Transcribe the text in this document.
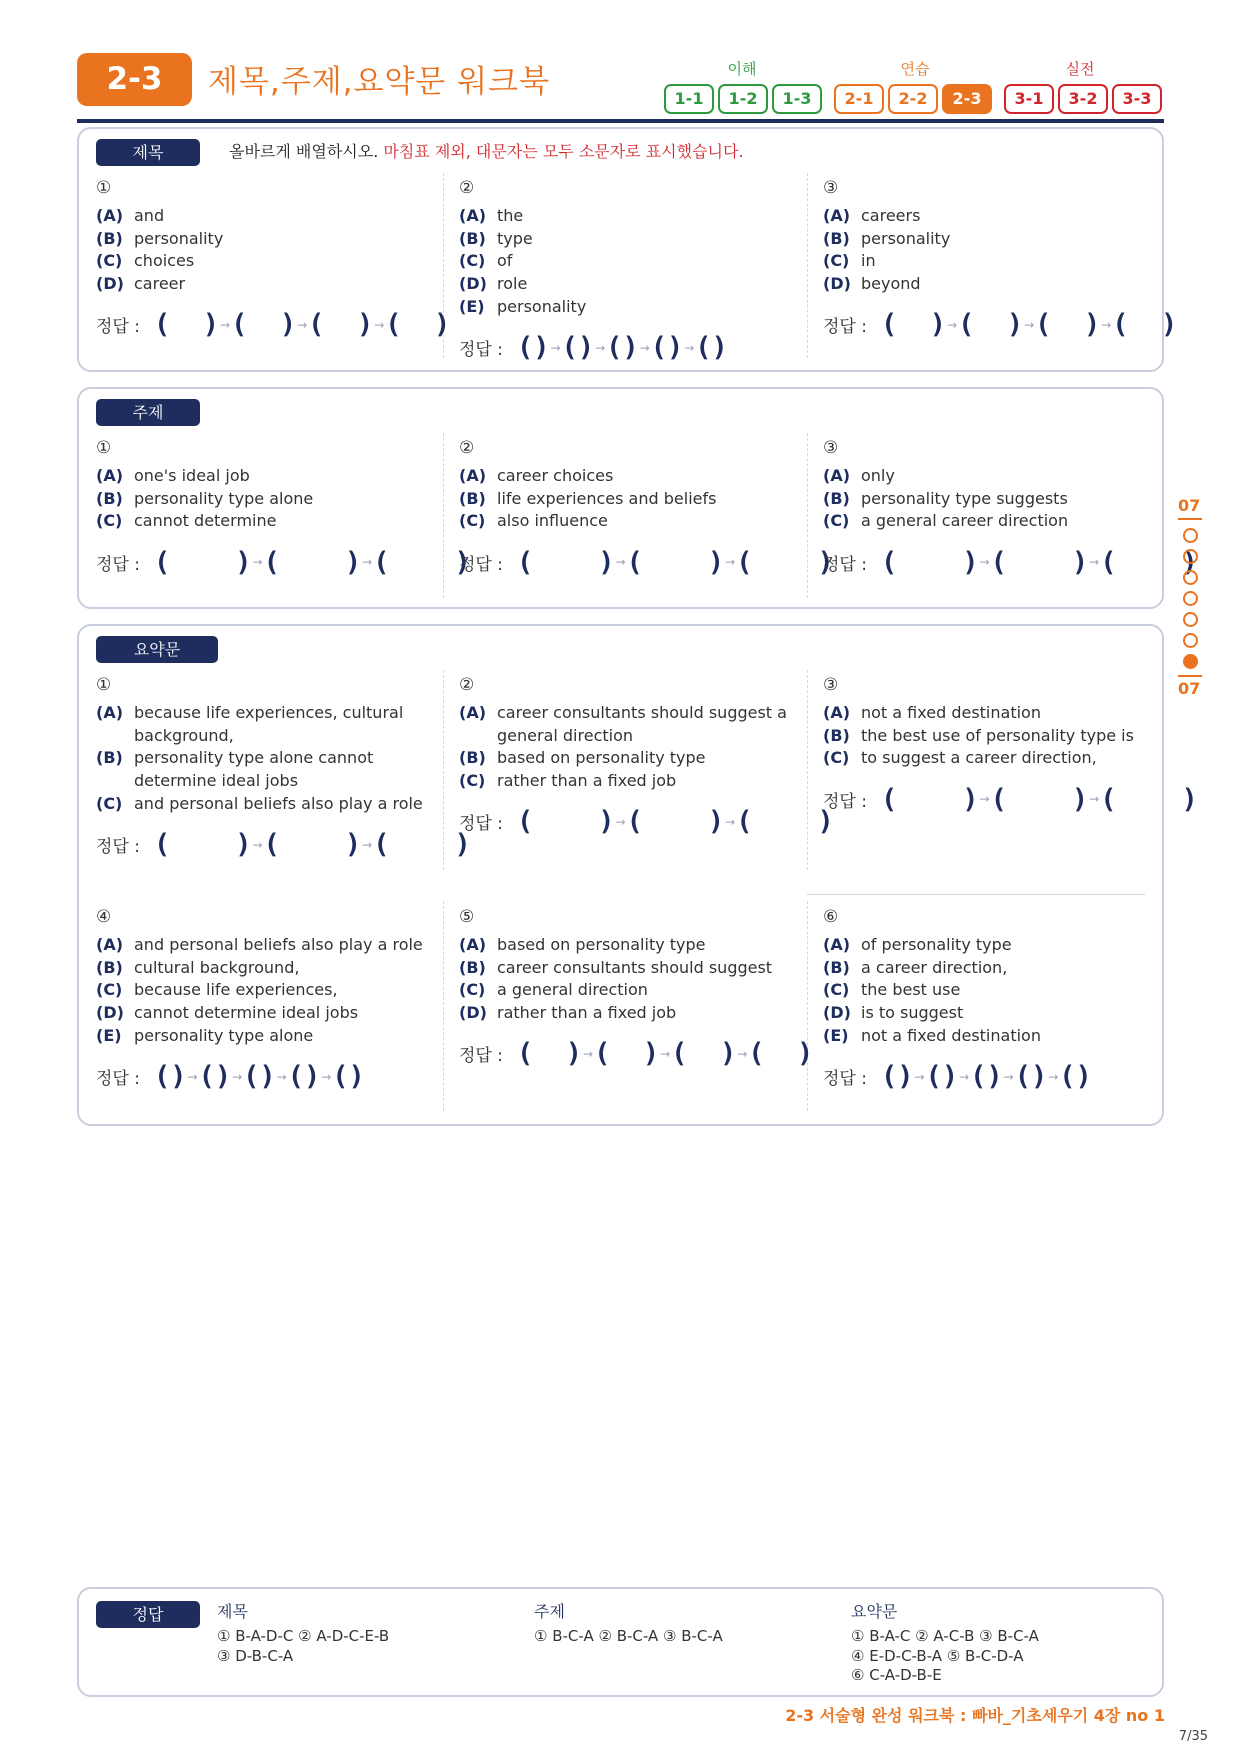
2-3	제목,주제,요약문 워크북	이해	연습	실전
1-1	1-2	1-3	2-1	2-2	2-3	3-1	3-2	3-3
제목	올바르게 배열하시오. 마침표 제외, 대문자는 모두 소문자로 표시했습니다.
①
(A) and
(B) personality
(C) choices
(D) career
정답 : (  ) → (  ) → (  ) → (  )
②
(A) the
(B) type
(C) of
(D) role
(E) personality
정답 : () → () → () → () → ()
③
(A) careers
(B) personality
(C) in
(D) beyond
정답 : (  ) → (  ) → (  ) → (  )
주제
①
(A) one's ideal job
(B) personality type alone
(C) cannot determine
정답 : (    ) → (    ) → (    )
②
(A) career choices
(B) life experiences and beliefs
(C) also influence
정답 : (    ) → (    ) → (    )
③
(A) only
(B) personality type suggests
(C) a general career direction
정답 : (    ) → (    ) → (    )
요약문
①
(A) because life experiences, cultural background,
(B) personality type alone cannot determine ideal jobs
(C) and personal beliefs also play a role
정답 : (    ) → (    ) → (    )
②
(A) career consultants should suggest a general direction
(B) based on personality type
(C) rather than a fixed job
정답 : (    ) → (    ) → (    )
③
(A) not a fixed destination
(B) the best use of personality type is
(C) to suggest a career direction,
정답 : (    ) → (    ) → (    )
④
(A) and personal beliefs also play a role
(B) cultural background,
(C) because life experiences,
(D) cannot determine ideal jobs
(E) personality type alone
정답 : () → () → () → () → ()
⑤
(A) based on personality type
(B) career consultants should suggest
(C) a general direction
(D) rather than a fixed job
정답 : (  ) → (  ) → (  ) → (  )
⑥
(A) of personality type
(B) a career direction,
(C) the best use
(D) is to suggest
(E) not a fixed destination
정답 : () → () → () → () → ()
07
07
정답	제목
① B-A-D-C ② A-D-C-E-B
③ D-B-C-A
주제
① B-C-A ② B-C-A ③ B-C-A
요약문
① B-A-C ② A-C-B ③ B-C-A
④ E-D-C-B-A ⑤ B-C-D-A
⑥ C-A-D-B-E
2-3 서술형 완성 워크북 : 빠바_기초세우기 4장 no 1
7/35
